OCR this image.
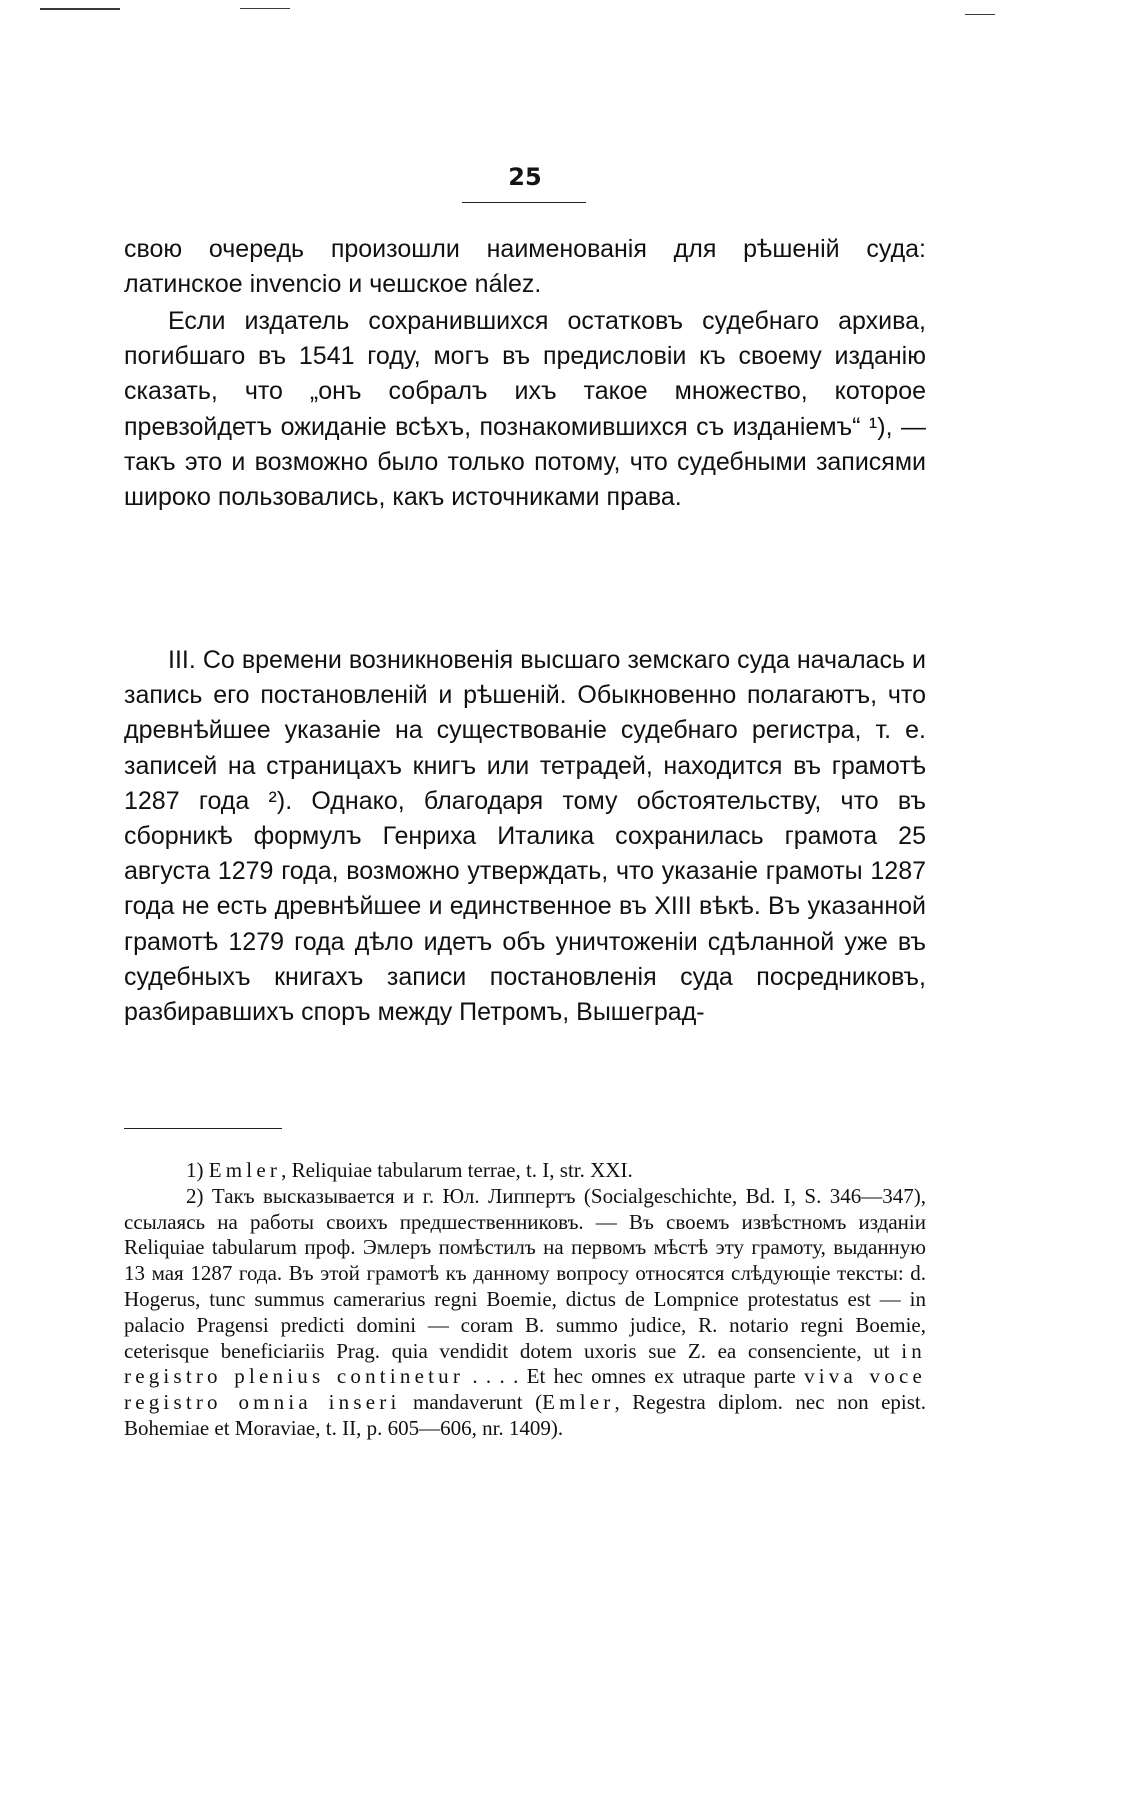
25

свою очередь произошли наименованія для рѣшеній суда: латинское invencio и чешское nález.

Если издатель сохранившихся остатковъ судебнаго архива, погибшаго въ 1541 году, могъ въ предисловіи къ своему изданію сказать, что „онъ собралъ ихъ такое множество, которое превзойдетъ ожиданіе всѣхъ, познакомившихся съ изданіемъ“ ¹), — такъ это и возможно было только потому, что судебными записями широко пользовались, какъ источниками права.

III. Со времени возникновенія высшаго земскаго суда началась и запись его постановленій и рѣшеній. Обыкновенно полагаютъ, что древнѣйшее указаніе на существованіе судебнаго регистра, т. е. записей на страницахъ книгъ или тетрадей, находится въ грамотѣ 1287 года ²). Однако, благодаря тому обстоятельству, что въ сборникѣ формулъ Генриха Италика сохранилась грамота 25 августа 1279 года, возможно утверждать, что указаніе грамоты 1287 года не есть древнѣйшее и единственное въ XIII вѣкѣ. Въ указанной грамотѣ 1279 года дѣло идетъ объ уничтоженіи сдѣланной уже въ судебныхъ книгахъ записи постановленія суда посредниковъ, разбиравшихъ споръ между Петромъ, Вышеград-

1) Emler, Reliquiae tabularum terrae, t. I, str. XXI.

2) Такъ высказывается и г. Юл. Липпертъ (Socialgeschichte, Bd. I, S. 346—347), ссылаясь на работы своихъ предшественниковъ. — Въ своемъ извѣстномъ изданіи Reliquiae tabularum проф. Эмлеръ помѣстилъ на первомъ мѣстѣ эту грамоту, выданную 13 мая 1287 года. Въ этой грамотѣ къ данному вопросу относятся слѣдующіе тексты: d. Hogerus, tunc summus camerarius regni Boemie, dictus de Lompnice protestatus est — in palacio Pragensi predicti domini — coram B. summo judice, R. notario regni Boemie, ceterisque beneficiariis Prag. quia vendidit dotem uxoris sue Z. ea consenciente, ut in registro plenius continetur . . . . Et hec omnes ex utraque parte viva voce registro omnia inseri mandaverunt (Emler, Regestra diplom. nec non epist. Bohemiae et Moraviae, t. II, p. 605—606, nr. 1409).
